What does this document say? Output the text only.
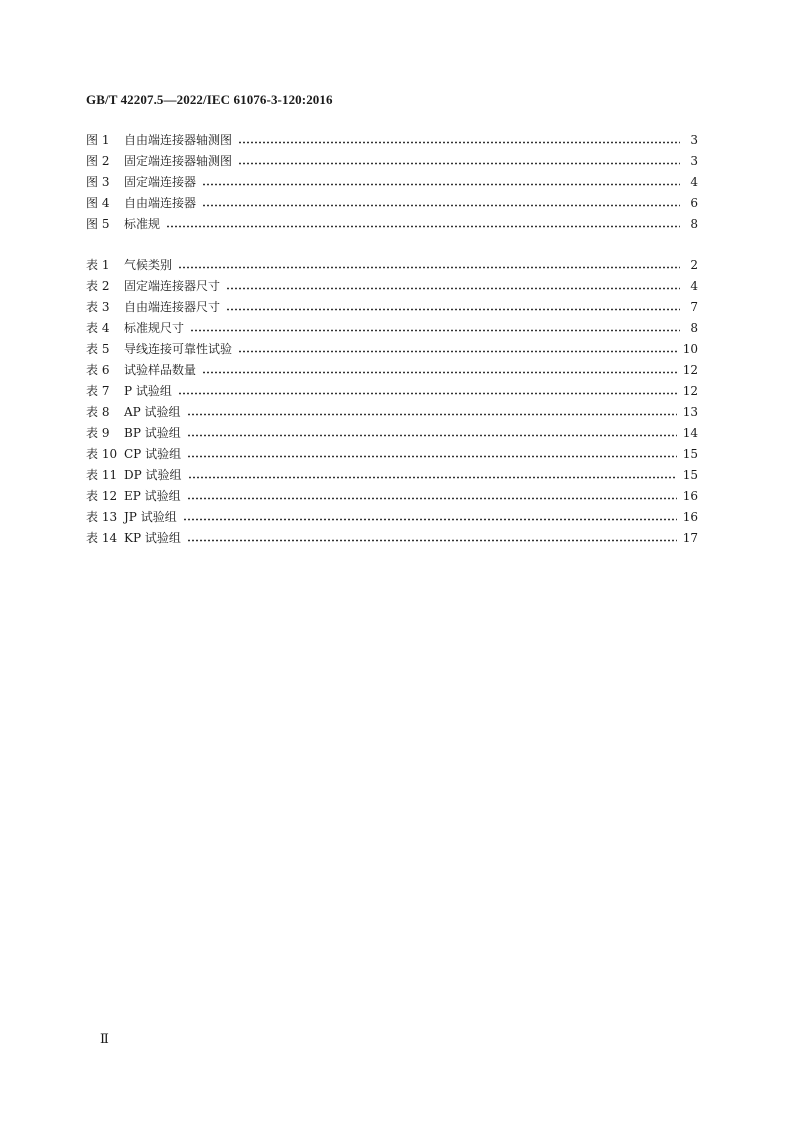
GB/T 42207.5—2022/IEC 61076-3-120:2016
图 1 自由端连接器轴测图	3
图 2 固定端连接器轴测图	3
图 3 固定端连接器	4
图 4 自由端连接器	6
图 5 标准规	8
表 1 气候类别	2
表 2 固定端连接器尺寸	4
表 3 自由端连接器尺寸	7
表 4 标准规尺寸	8
表 5 导线连接可靠性试验	10
表 6 试验样品数量	12
表 7 P 试验组	12
表 8 AP 试验组	13
表 9 BP 试验组	14
表 10 CP 试验组	15
表 11 DP 试验组	15
表 12 EP 试验组	16
表 13 JP 试验组	16
表 14 KP 试验组	17
Ⅱ
